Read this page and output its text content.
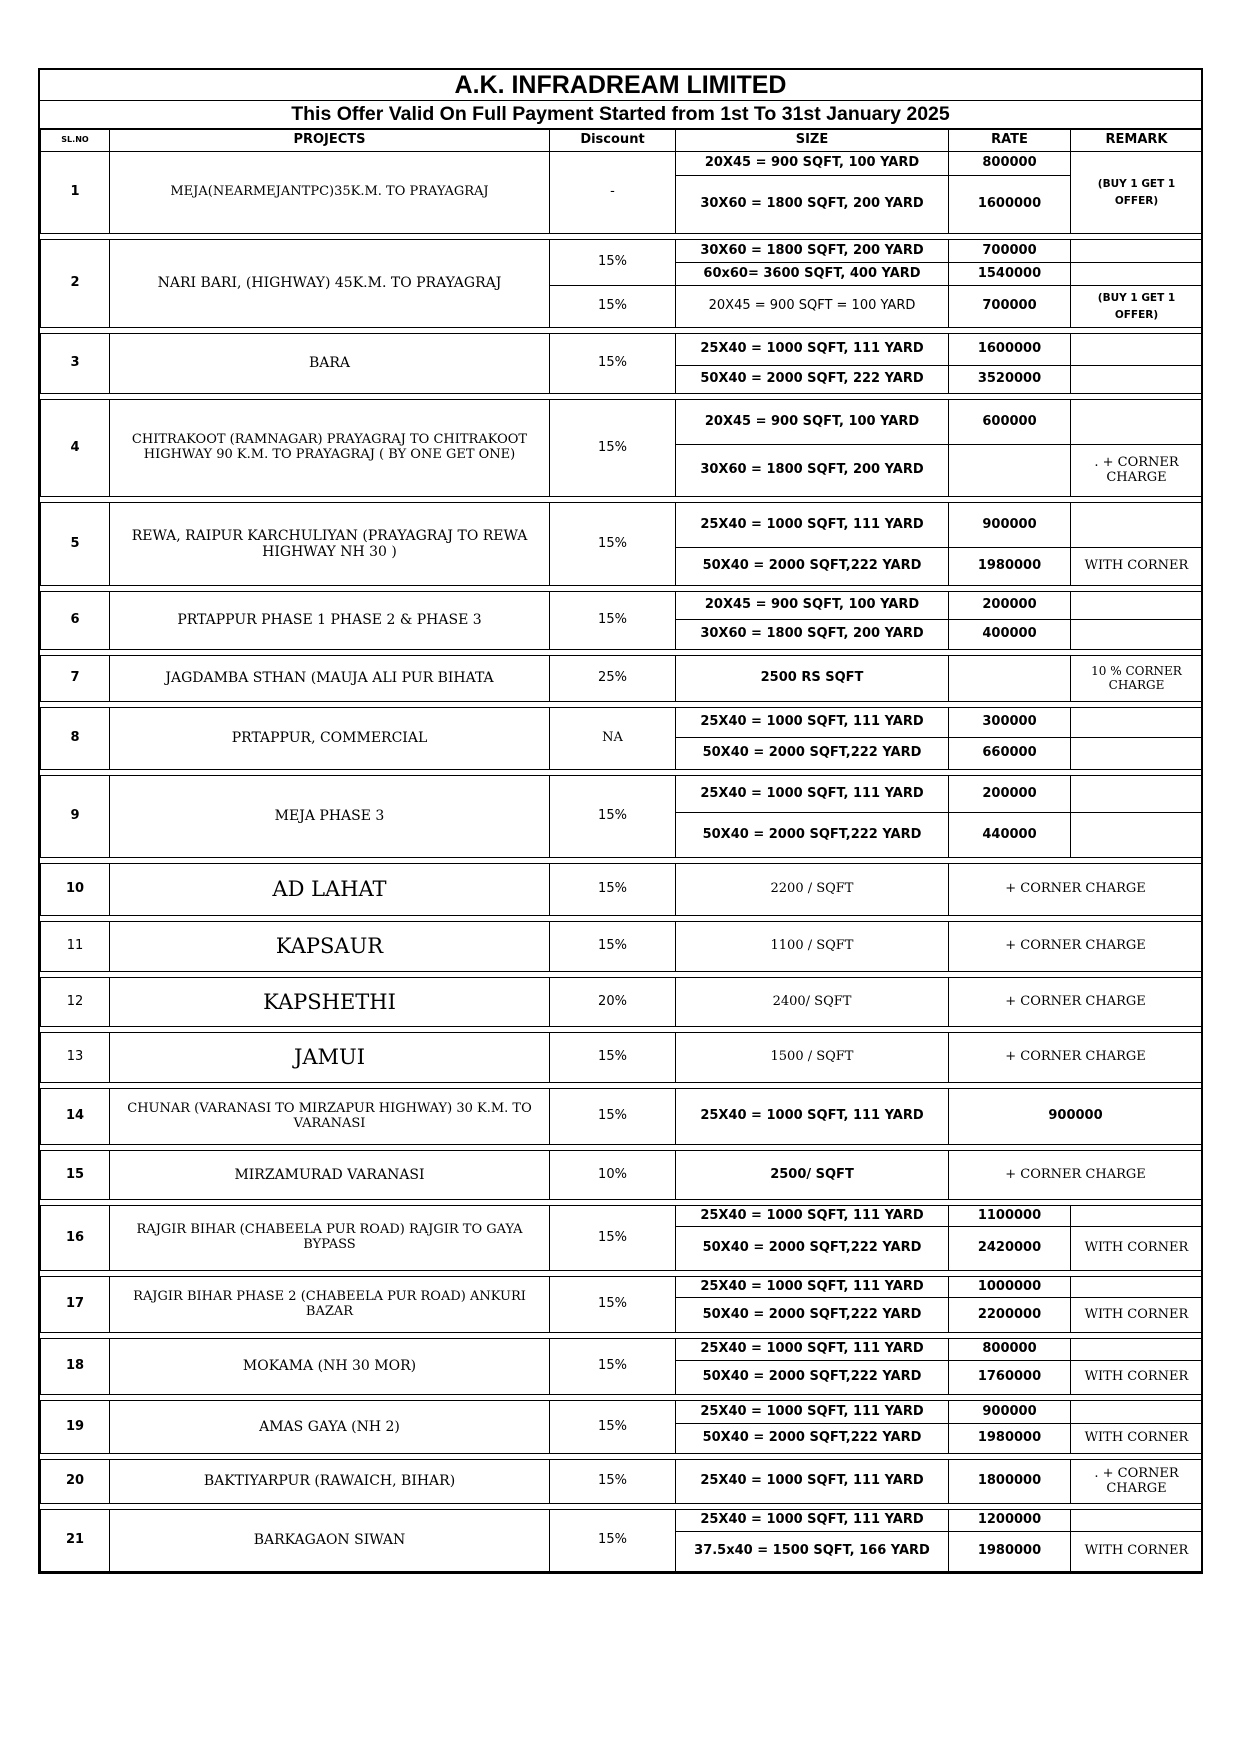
A.K. INFRADREAM LIMITED
This Offer Valid On Full Payment Started from 1st To 31st January 2025
SL.NO	PROJECTS	Discount	SIZE	RATE	REMARK
1	MEJA(NEARMEJANTPC)35K.M. TO PRAYAGRAJ	-	20X45 = 900 SQFT, 100 YARD	800000	(BUY 1 GET 1 OFFER)
			30X60 = 1800 SQFT, 200 YARD	1600000	

2	NARI BARI, (HIGHWAY) 45K.M. TO PRAYAGRAJ	15%	30X60 = 1800 SQFT, 200 YARD	700000	
			60x60= 3600 SQFT, 400 YARD	1540000	
		15%	20X45 = 900 SQFT = 100 YARD	700000	(BUY 1 GET 1 OFFER)

3	BARA	15%	25X40 = 1000 SQFT, 111 YARD	1600000	
			50X40 = 2000 SQFT, 222 YARD	3520000	

4	CHITRAKOOT (RAMNAGAR) PRAYAGRAJ TO CHITRAKOOT HIGHWAY 90 K.M. TO PRAYAGRAJ ( BY ONE GET ONE)	15%	20X45 = 900 SQFT, 100 YARD	600000	
			30X60 = 1800 SQFT, 200 YARD		. + CORNER CHARGE

5	REWA, RAIPUR KARCHULIYAN (PRAYAGRAJ TO REWA HIGHWAY NH 30 )	15%	25X40 = 1000 SQFT, 111 YARD	900000	
			50X40 = 2000 SQFT,222 YARD	1980000	WITH CORNER

6	PRTAPPUR PHASE 1 PHASE 2 & PHASE 3	15%	20X45 = 900 SQFT, 100 YARD	200000	
			30X60 = 1800 SQFT, 200 YARD	400000	

7	JAGDAMBA STHAN (MAUJA ALI PUR BIHATA	25%	2500 RS SQFT		10 % CORNER CHARGE

8	PRTAPPUR, COMMERCIAL	NA	25X40 = 1000 SQFT, 111 YARD	300000	
			50X40 = 2000 SQFT,222 YARD	660000	

9	MEJA PHASE 3	15%	25X40 = 1000 SQFT, 111 YARD	200000	
			50X40 = 2000 SQFT,222 YARD	440000	

10	AD LAHAT	15%	2200 / SQFT	+ CORNER CHARGE	

11	KAPSAUR	15%	1100 / SQFT	+ CORNER CHARGE	

12	KAPSHETHI	20%	2400/ SQFT	+ CORNER CHARGE	

13	JAMUI	15%	1500 / SQFT	+ CORNER CHARGE	

14	CHUNAR (VARANASI TO MIRZAPUR HIGHWAY) 30 K.M. TO VARANASI	15%	25X40 = 1000 SQFT, 111 YARD	900000	

15	MIRZAMURAD VARANASI	10%	2500/ SQFT	+ CORNER CHARGE	

16	RAJGIR BIHAR (CHABEELA PUR ROAD) RAJGIR TO GAYA BYPASS	15%	25X40 = 1000 SQFT, 111 YARD	1100000	
			50X40 = 2000 SQFT,222 YARD	2420000	WITH CORNER

17	RAJGIR BIHAR PHASE 2 (CHABEELA PUR ROAD) ANKURI BAZAR	15%	25X40 = 1000 SQFT, 111 YARD	1000000	
			50X40 = 2000 SQFT,222 YARD	2200000	WITH CORNER

18	MOKAMA (NH 30 MOR)	15%	25X40 = 1000 SQFT, 111 YARD	800000	
			50X40 = 2000 SQFT,222 YARD	1760000	WITH CORNER

19	AMAS GAYA (NH 2)	15%	25X40 = 1000 SQFT, 111 YARD	900000	
			50X40 = 2000 SQFT,222 YARD	1980000	WITH CORNER

20	BAKTIYARPUR (RAWAICH, BIHAR)	15%	25X40 = 1000 SQFT, 111 YARD	1800000	. + CORNER CHARGE

21	BARKAGAON SIWAN	15%	25X40 = 1000 SQFT, 111 YARD	1200000	
			37.5x40 = 1500 SQFT, 166 YARD	1980000	WITH CORNER
